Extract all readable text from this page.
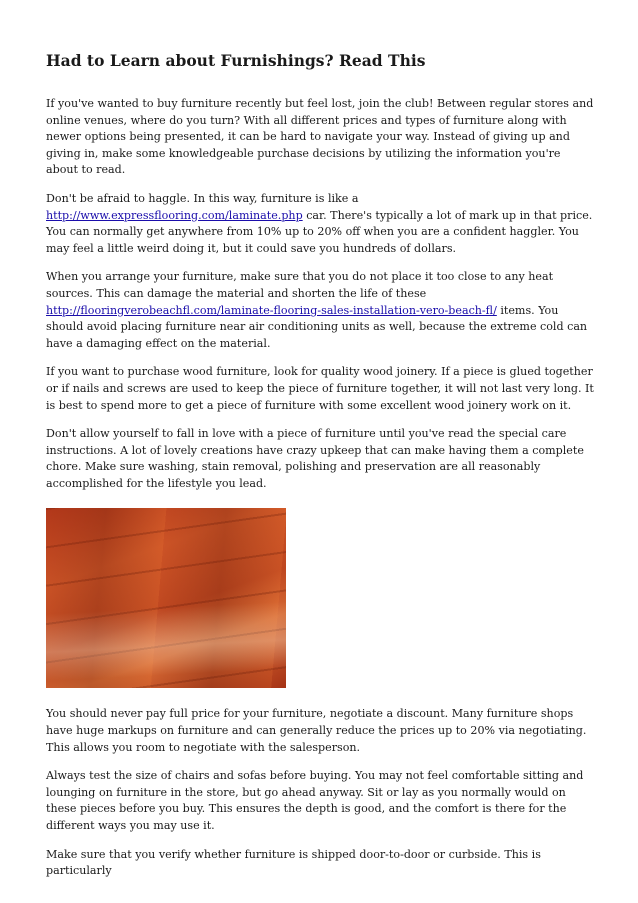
Had to Learn about Furnishings? Read This

If you've wanted to buy furniture recently but feel lost, join the club! Between regular stores and online venues, where do you turn? With all different prices and types of furniture along with newer options being presented, it can be hard to navigate your way. Instead of giving up and giving in, make some knowledgeable purchase decisions by utilizing the information you're about to read.

Don't be afraid to haggle. In this way, furniture is like a
http://www.expressflooring.com/laminate.php car. There's typically a lot of mark up in that price. You can normally get anywhere from 10% up to 20% off when you are a confident haggler. You may feel a little weird doing it, but it could save you hundreds of dollars.

When you arrange your furniture, make sure that you do not place it too close to any heat sources. This can damage the material and shorten the life of these
http://flooringverobeachfl.com/laminate-flooring-sales-installation-vero-beach-fl/ items. You should avoid placing furniture near air conditioning units as well, because the extreme cold can have a damaging effect on the material.

If you want to purchase wood furniture, look for quality wood joinery. If a piece is glued together or if nails and screws are used to keep the piece of furniture together, it will not last very long. It is best to spend more to get a piece of furniture with some excellent wood joinery work on it.

Don't allow yourself to fall in love with a piece of furniture until you've read the special care instructions. A lot of lovely creations have crazy upkeep that can make having them a complete chore. Make sure washing, stain removal, polishing and preservation are all reasonably accomplished for the lifestyle you lead.

You should never pay full price for your furniture, negotiate a discount. Many furniture shops have huge markups on furniture and can generally reduce the prices up to 20% via negotiating. This allows you room to negotiate with the salesperson.

Always test the size of chairs and sofas before buying. You may not feel comfortable sitting and lounging on furniture in the store, but go ahead anyway. Sit or lay as you normally would on these pieces before you buy. This ensures the depth is good, and the comfort is there for the different ways you may use it.

Make sure that you verify whether furniture is shipped door-to-door or curbside. This is particularly
